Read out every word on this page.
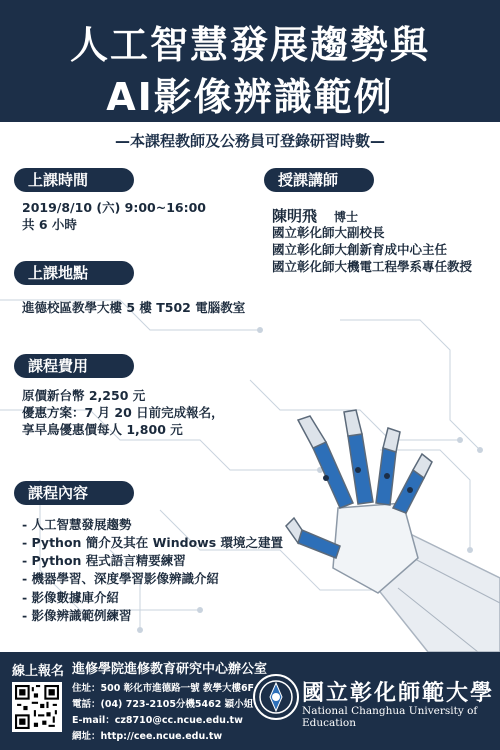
人工智慧發展趨勢與
AI影像辨識範例
—本課程教師及公務員可登錄研習時數—
上課時間
2019/8/10 (六) 9:00~16:00
共 6 小時
授課講師
陳明飛 博士
國立彰化師大副校長
國立彰化師大創新育成中心主任
國立彰化師大機電工程學系專任教授
上課地點
進德校區教學大樓 5 樓 T502 電腦教室
課程費用
原價新台幣 2,250 元
優惠方案：7 月 20 日前完成報名，
享早鳥優惠價每人 1,800 元
課程內容
- 人工智慧發展趨勢
- Python 簡介及其在 Windows 環境之建置
- Python 程式語言精要練習
- 機器學習、深度學習影像辨識介紹
- 影像數據庫介紹
- 影像辨識範例練習
線上報名 進修學院進修教育研究中心辦公室
住址：500 彰化市進德路一號 教學大樓6F
電話：(04) 723-2105分機5462 穎小姐
E-mail：cz8710@cc.ncue.edu.tw
網址：http://cee.ncue.edu.tw
國立彰化師範大學
National Changhua University of Education
